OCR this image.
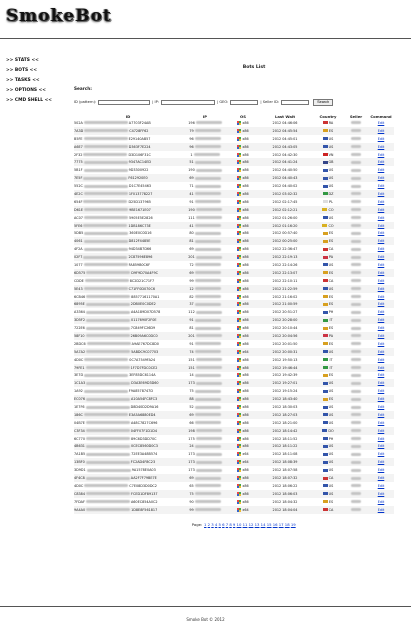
SmokeBot
>> STATS <<
>> BOTS <<
>> TASKS <<
>> OPTIONS <<
>> CMD SHELL <<
Bots List
Search:
ID (pattern):	| IP:	| GEO:	| Seller ID:	Search
ID	IP	OS	Last Wait	Country	Seller	Command
502A A7703F24AB	196	x86	2012 04:46:06	RA		Edit
7A3D C4728FF62	79	x86	2012 04:45:54	ES		Edit
B5FE E29140AB57	96	x86	2012 04:45:01	US		Edit
A6E7 D363F7E224	96	x86	2012 04:43:05	US		Edit
2F32 D3D106F31C	1	x86	2012 04:42:30	VN		Edit
7775 9347AC14ED	51	x86	2012 04:41:24	GB		Edit
5B1F 9D3300922	190	x86	2012 04:40:50	US		Edit
7E5F F612920E0	69	x86	2012 04:40:43	US		Edit
552C D1C7E45463	71	x86	2012 04:40:02	US		Edit
4E2C 1F013778227	41	x86	2012 03:02:32	DZ		Edit
654F D25D137965	91	x86	2012 02:17:45	PL		Edit
D61E 9BE1671E07	190	x86	2012 02:12:21	CO		Edit
AC07 5905E5E2826	111	x86	2012 01:26:00	US		Edit
5FE6 1DB186C73E	41	x86	2012 01:16:20	CO		Edit
5DB5 360E0C0D16	80	x86	2012 00:57:40	ES		Edit
4061 D812F4485E	81	x86	2012 00:25:00	ES		Edit
4F2A 94D34B7D66	69	x86	2012 22:36:47	CA		Edit
02F7 2C87596E896	201	x86	2012 22:19:13	PA		Edit
1077 FA859B0C6F	72	x86	2012 22:14:26	US		Edit
6D575 D9F9D70A4F9C	69	x86	2012 22:13:07	ES		Edit
CDDE 8C2D21C71F7	99	x86	2012 22:10:11	CA		Edit
5E43 C71FF0D070C6	12	x86	2012 21:22:59	US		Edit
6CB46 88577161170A1	82	x86	2012 21:16:02	ES		Edit
6895E 2DB0E0C0DE2	37	x86	2012 21:00:59	ES		Edit
A3364 A4A189D07D578	112	x86	2012 20:51:27	PH		Edit
3D5F2 0117690F2F0E	91	x86	2012 20:28:00	IT		Edit
722E6 7C849FC26D9	81	x86	2012 20:10:44	ES		Edit
58F10 26B09A6C0DC0	201	x86	2012 20:04:56	PA		Edit
2BDC6 A9AE767DC8D0	91	x86	2012 20:01:50	ES		Edit
5A7A2 5ABDC9C07703	74	x64	2012 20:00:31	US		Edit
4D0C 0C7A7549FA24	151	x86	2012 19:50:13	IT		Edit
79FE1 1F7D7FDC0CE2	151	x86	2012 19:46:44	IT		Edit
3E7D 3EF85DC6114A	14	x86	2012 19:42:39	ES		Edit
1C1A3 D3A3E69D3D60	173	x86	2012 19:27:01	US		Edit
1A92 F9A8578747D	75	x86	2012 19:15:24	US		Edit
EC076 A10A54FC8FC3	88	x86	2012 18:43:40	ES		Edit
1E7F6 D8D40D2D9A16	52	x86	2012 18:30:03	US		Edit
186C E3A5A6880ED4	69	x86	2012 18:27:03	US		Edit
04B7E A48C7827C696	66	x86	2012 18:21:00	US		Edit
C3F34 04FF07F1D1D4	198	x86	2012 18:14:42	DO		Edit
6C770 89C6D3DD70C	175	x86	2012 18:11:52	PH		Edit
4B631 0CEC8560D0C3	24	x86	2012 18:11:22	US		Edit
7A1B5 72EE3A48B574	173	x64	2012 18:11:08	US		Edit
13BF0 FC2AD4F8C23	173	x64	2012 18:08:39	US		Edit
3D9D1 9A1578E0A03	173	x86	2012 18:07:58	US		Edit
4F4C8 AA2F7F79BE7E	69	x86	2012 18:07:32	CA		Edit
4D0C C7E08D3D0DC2	65	x86	2012 18:06:22	US		Edit
C8384 FCED1DF89137	75	x86	2012 18:06:03	US		Edit
7FDAF A60EC854A0C2	90	x86	2012 18:04:32	ES		Edit
9A4A0 1D8E8F561817	99	x64	2012 18:04:04	CA		Edit
Page: 12345678910111213141516171819
Smoke Bot © 2012
